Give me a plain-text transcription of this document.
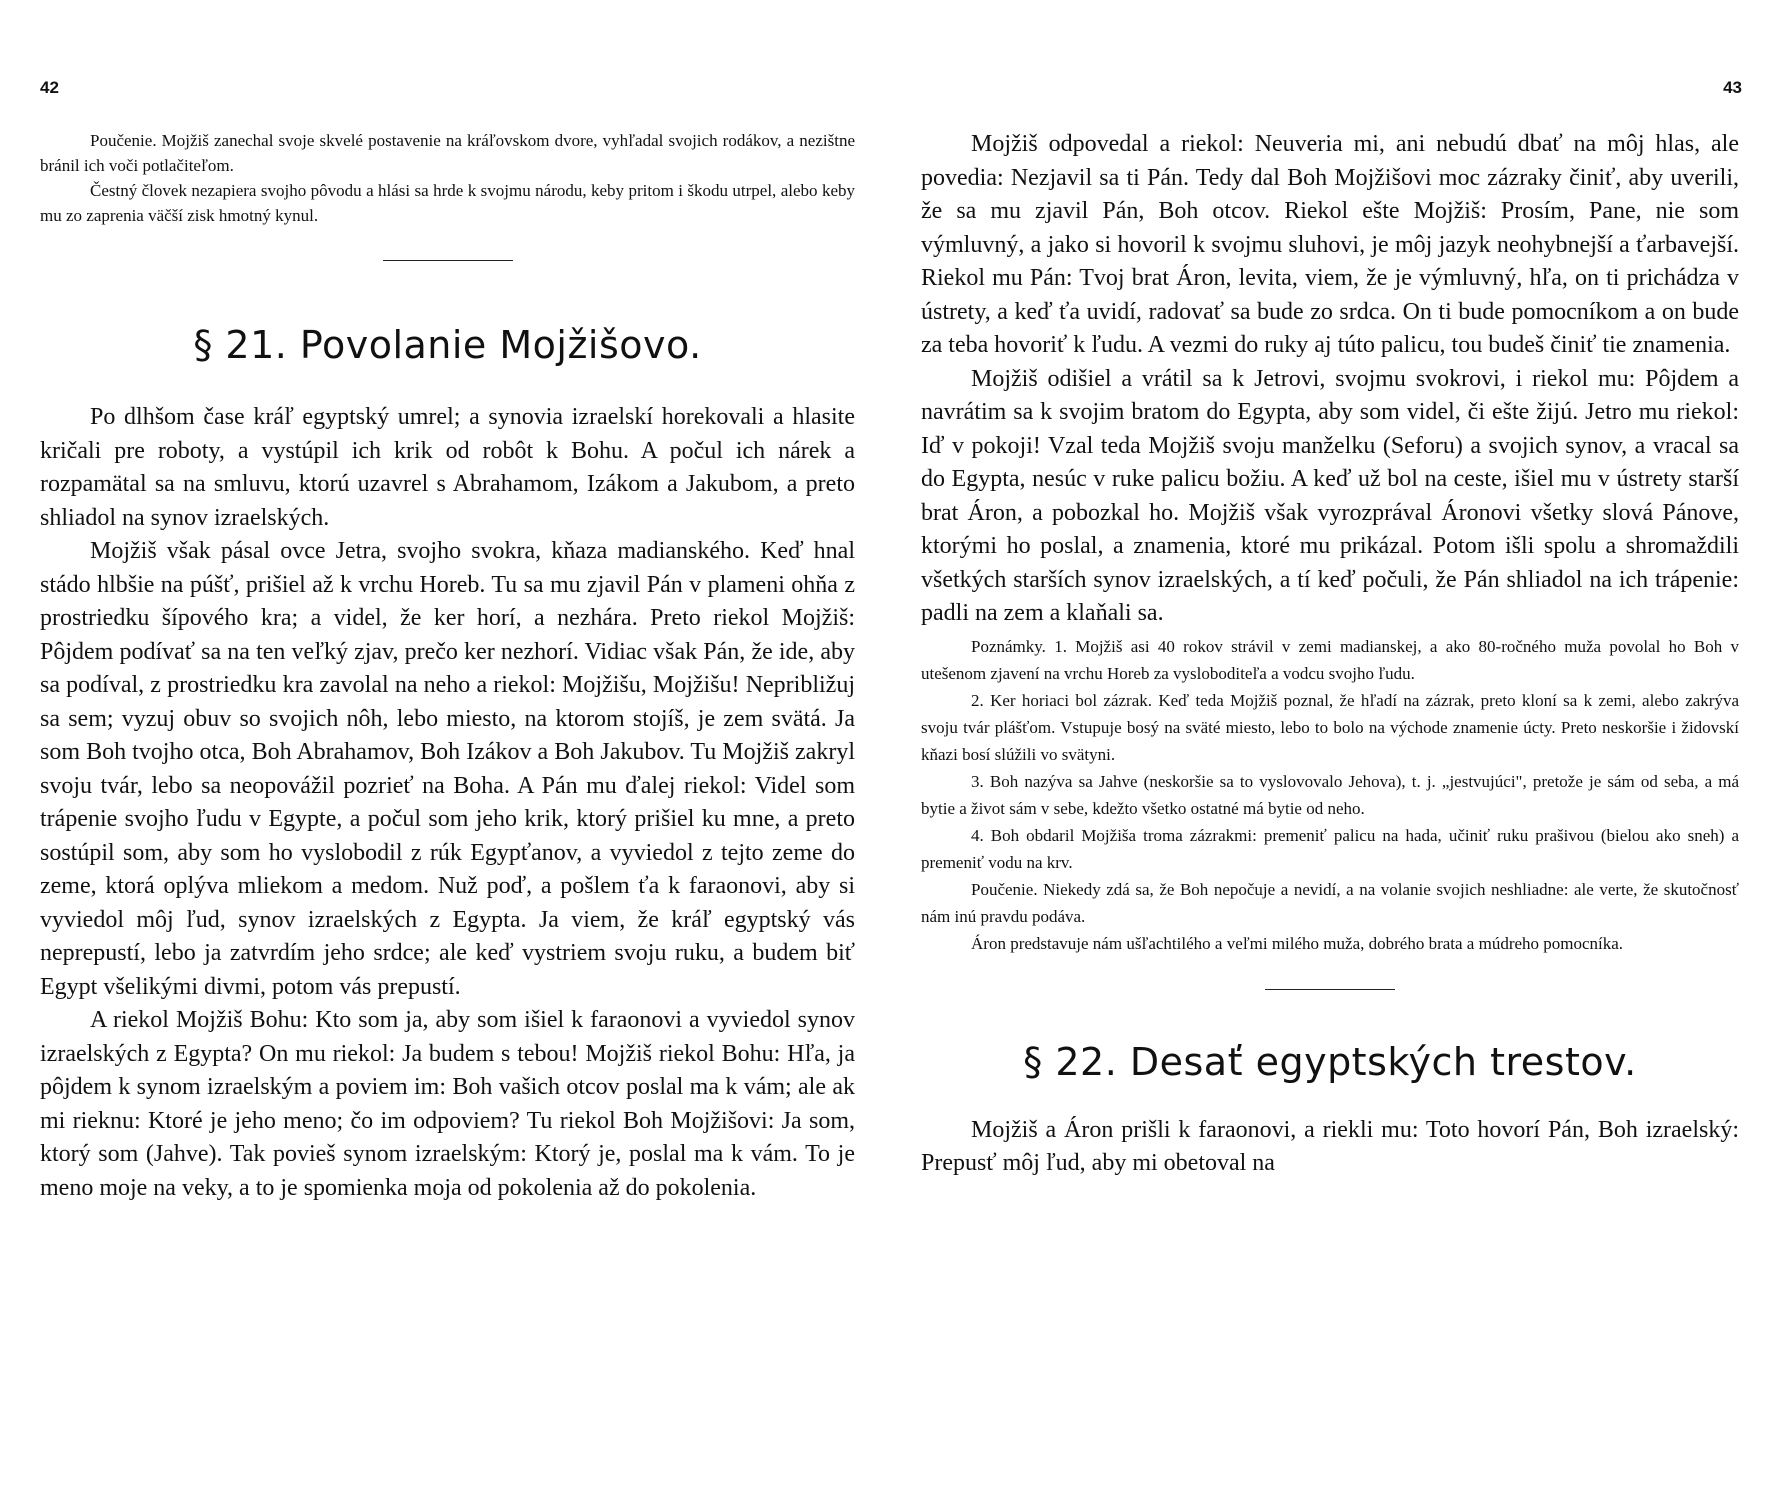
42

Poučenie. Mojžiš zanechal svoje skvelé postavenie na kráľovskom dvore, vyhľadal svojich rodákov, a nezištne bránil ich voči potlačiteľom.

Čestný človek nezapiera svojho pôvodu a hlási sa hrde k svojmu národu, keby pritom i škodu utrpel, alebo keby mu zo zaprenia väčší zisk hmotný kynul.

§ 21. Povolanie Mojžišovo.

Po dlhšom čase kráľ egyptský umrel; a synovia izraelskí horekovali a hlasite kričali pre roboty, a vystúpil ich krik od robôt k Bohu. A počul ich nárek a rozpamätal sa na smluvu, ktorú uzavrel s Abrahamom, Izákom a Jakubom, a preto shliadol na synov izraelských.

Mojžiš však pásal ovce Jetra, svojho svokra, kňaza madianského. Keď hnal stádo hlbšie na púšť, prišiel až k vrchu Horeb. Tu sa mu zjavil Pán v plameni ohňa z prostriedku šípového kra; a videl, že ker horí, a nezhára. Preto riekol Mojžiš: Pôjdem podívať sa na ten veľký zjav, prečo ker nezhorí. Vidiac však Pán, že ide, aby sa podíval, z prostriedku kra zavolal na neho a riekol: Mojžišu, Mojžišu! Nepribližuj sa sem; vyzuj obuv so svojich nôh, lebo miesto, na ktorom stojíš, je zem svätá. Ja som Boh tvojho otca, Boh Abrahamov, Boh Izákov a Boh Jakubov. Tu Mojžiš zakryl svoju tvár, lebo sa neopovážil pozrieť na Boha. A Pán mu ďalej riekol: Videl som trápenie svojho ľudu v Egypte, a počul som jeho krik, ktorý prišiel ku mne, a preto sostúpil som, aby som ho vyslobodil z rúk Egypťanov, a vyviedol z tejto zeme do zeme, ktorá oplýva mliekom a medom. Nuž poď, a pošlem ťa k faraonovi, aby si vyviedol môj ľud, synov izraelských z Egypta. Ja viem, že kráľ egyptský vás neprepustí, lebo ja zatvrdím jeho srdce; ale keď vystriem svoju ruku, a budem biť Egypt všelikými divmi, potom vás prepustí.

A riekol Mojžiš Bohu: Kto som ja, aby som išiel k faraonovi a vyviedol synov izraelských z Egypta? On mu riekol: Ja budem s tebou! Mojžiš riekol Bohu: Hľa, ja pôjdem k synom izraelským a poviem im: Boh vašich otcov poslal ma k vám; ale ak mi rieknu: Ktoré je jeho meno; čo im odpoviem? Tu riekol Boh Mojžišovi: Ja som, ktorý som (Jahve). Tak povieš synom izraelským: Ktorý je, poslal ma k vám. To je meno moje na veky, a to je spomienka moja od pokolenia až do pokolenia.

43

Mojžiš odpovedal a riekol: Neuveria mi, ani nebudú dbať na môj hlas, ale povedia: Nezjavil sa ti Pán. Tedy dal Boh Mojžišovi moc zázraky činiť, aby uverili, že sa mu zjavil Pán, Boh otcov. Riekol ešte Mojžiš: Prosím, Pane, nie som výmluvný, a jako si hovoril k svojmu sluhovi, je môj jazyk neohybnejší a ťarbavejší. Riekol mu Pán: Tvoj brat Áron, levita, viem, že je výmluvný, hľa, on ti prichádza v ústrety, a keď ťa uvidí, radovať sa bude zo srdca. On ti bude pomocníkom a on bude za teba hovoriť k ľudu. A vezmi do ruky aj túto palicu, tou budeš činiť tie znamenia.

Mojžiš odišiel a vrátil sa k Jetrovi, svojmu svokrovi, i riekol mu: Pôjdem a navrátim sa k svojim bratom do Egypta, aby som videl, či ešte žijú. Jetro mu riekol: Iď v pokoji! Vzal teda Mojžiš svoju manželku (Seforu) a svojich synov, a vracal sa do Egypta, nesúc v ruke palicu božiu. A keď už bol na ceste, išiel mu v ústrety starší brat Áron, a pobozkal ho. Mojžiš však vyrozprával Áronovi všetky slová Pánove, ktorými ho poslal, a znamenia, ktoré mu prikázal. Potom išli spolu a shromaždili všetkých starších synov izraelských, a tí keď počuli, že Pán shliadol na ich trápenie: padli na zem a klaňali sa.

Poznámky. 1. Mojžiš asi 40 rokov strávil v zemi madianskej, a ako 80-ročného muža povolal ho Boh v utešenom zjavení na vrchu Horeb za vysloboditeľa a vodcu svojho ľudu.

2. Ker horiaci bol zázrak. Keď teda Mojžiš poznal, že hľadí na zázrak, preto kloní sa k zemi, alebo zakrýva svoju tvár plášťom. Vstupuje bosý na sväté miesto, lebo to bolo na východe znamenie úcty. Preto neskoršie i židovskí kňazi bosí slúžili vo svätyni.

3. Boh nazýva sa Jahve (neskoršie sa to vyslovovalo Jehova), t. j. „jestvujúci", pretože je sám od seba, a má bytie a život sám v sebe, kdežto všetko ostatné má bytie od neho.

4. Boh obdaril Mojžiša troma zázrakmi: premeniť palicu na hada, učiniť ruku prašivou (bielou ako sneh) a premeniť vodu na krv.

Poučenie. Niekedy zdá sa, že Boh nepočuje a nevidí, a na volanie svojich neshliadne: ale verte, že skutočnosť nám inú pravdu podáva.

Áron predstavuje nám ušľachtilého a veľmi milého muža, dobrého brata a múdreho pomocníka.

§ 22. Desať egyptských trestov.

Mojžiš a Áron prišli k faraonovi, a riekli mu: Toto hovorí Pán, Boh izraelský: Prepusť môj ľud, aby mi obetoval na
